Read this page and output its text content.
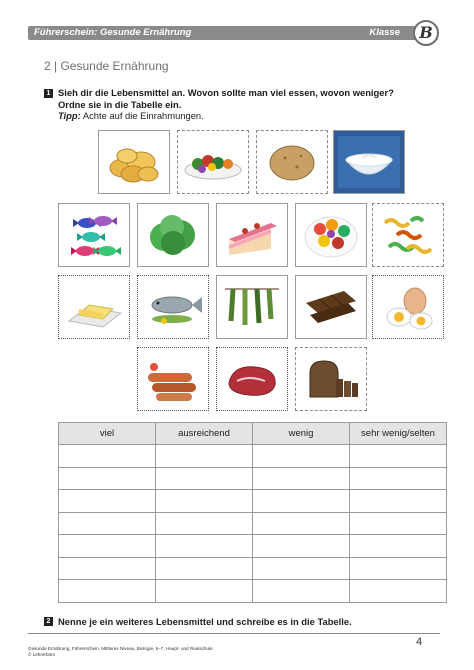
Führerschein: Gesunde Ernährung	Klasse	B
2 | Gesunde Ernährung
1 Sieh dir die Lebensmittel an. Wovon sollte man viel essen, wovon weniger?
Ordne sie in die Tabelle ein.
Tipp: Achte auf die Einrahmungen.
viel	ausreichend	wenig	sehr wenig/selten

2 Nenne je ein weiteres Lebensmittel und schreibe es in die Tabelle.
Gesunde Ernährung, Führerschein, Mittleres Niveau, Biologie, 5–7, Haupt- und Realschule
© Lehrerbüro
4
